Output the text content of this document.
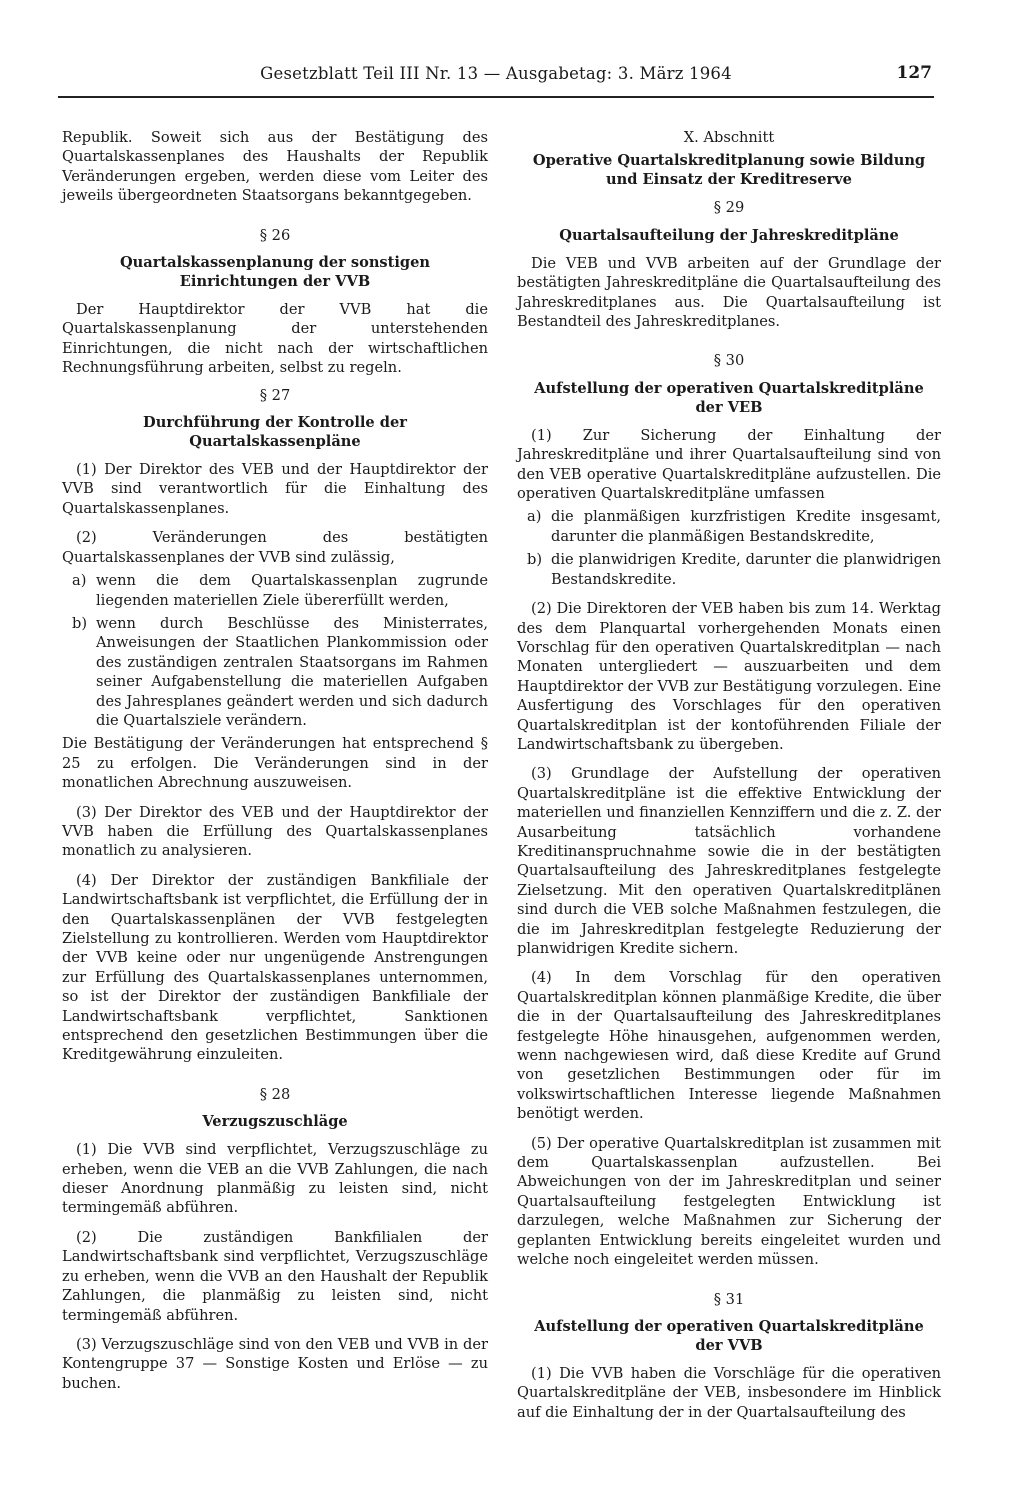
Gesetzblatt Teil III Nr. 13 — Ausgabetag: 3. März 1964	127

Republik. Soweit sich aus der Bestätigung des Quartalskassenplanes des Haushalts der Republik Veränderungen ergeben, werden diese vom Leiter des jeweils übergeordneten Staatsorgans bekanntgegeben.

§ 26
Quartalskassenplanung der sonstigen Einrichtungen der VVB

Der Hauptdirektor der VVB hat die Quartalskassenplanung der unterstehenden Einrichtungen, die nicht nach der wirtschaftlichen Rechnungsführung arbeiten, selbst zu regeln.

§ 27
Durchführung der Kontrolle der Quartalskassenpläne

(1) Der Direktor des VEB und der Hauptdirektor der VVB sind verantwortlich für die Einhaltung des Quartalskassenplanes.

(2) Veränderungen des bestätigten Quartalskassenplanes der VVB sind zulässig,

a) wenn die dem Quartalskassenplan zugrunde liegenden materiellen Ziele übererfüllt werden,
b) wenn durch Beschlüsse des Ministerrates, Anweisungen der Staatlichen Plankommission oder des zuständigen zentralen Staatsorgans im Rahmen seiner Aufgabenstellung die materiellen Aufgaben des Jahresplanes geändert werden und sich dadurch die Quartalsziele verändern.

Die Bestätigung der Veränderungen hat entsprechend § 25 zu erfolgen. Die Veränderungen sind in der monatlichen Abrechnung auszuweisen.

(3) Der Direktor des VEB und der Hauptdirektor der VVB haben die Erfüllung des Quartalskassenplanes monatlich zu analysieren.

(4) Der Direktor der zuständigen Bankfiliale der Landwirtschaftsbank ist verpflichtet, die Erfüllung der in den Quartalskassenplänen der VVB festgelegten Zielstellung zu kontrollieren. Werden vom Hauptdirektor der VVB keine oder nur ungenügende Anstrengungen zur Erfüllung des Quartalskassenplanes unternommen, so ist der Direktor der zuständigen Bankfiliale der Landwirtschaftsbank verpflichtet, Sanktionen entsprechend den gesetzlichen Bestimmungen über die Kreditgewährung einzuleiten.

§ 28
Verzugszuschläge

(1) Die VVB sind verpflichtet, Verzugszuschläge zu erheben, wenn die VEB an die VVB Zahlungen, die nach dieser Anordnung planmäßig zu leisten sind, nicht termingemäß abführen.

(2) Die zuständigen Bankfilialen der Landwirtschaftsbank sind verpflichtet, Verzugszuschläge zu erheben, wenn die VVB an den Haushalt der Republik Zahlungen, die planmäßig zu leisten sind, nicht termingemäß abführen.

(3) Verzugszuschläge sind von den VEB und VVB in der Kontengruppe 37 — Sonstige Kosten und Erlöse — zu buchen.

X. Abschnitt
Operative Quartalskreditplanung sowie Bildung und Einsatz der Kreditreserve
§ 29
Quartalsaufteilung der Jahreskreditpläne

Die VEB und VVB arbeiten auf der Grundlage der bestätigten Jahreskreditpläne die Quartalsaufteilung des Jahreskreditplanes aus. Die Quartalsaufteilung ist Bestandteil des Jahreskreditplanes.

§ 30
Aufstellung der operativen Quartalskreditpläne der VEB

(1) Zur Sicherung der Einhaltung der Jahreskreditpläne und ihrer Quartalsaufteilung sind von den VEB operative Quartalskreditpläne aufzustellen. Die operativen Quartalskreditpläne umfassen

a) die planmäßigen kurzfristigen Kredite insgesamt, darunter die planmäßigen Bestandskredite,
b) die planwidrigen Kredite, darunter die planwidrigen Bestandskredite.

(2) Die Direktoren der VEB haben bis zum 14. Werktag des dem Planquartal vorhergehenden Monats einen Vorschlag für den operativen Quartalskreditplan — nach Monaten untergliedert — auszuarbeiten und dem Hauptdirektor der VVB zur Bestätigung vorzulegen. Eine Ausfertigung des Vorschlages für den operativen Quartalskreditplan ist der kontoführenden Filiale der Landwirtschaftsbank zu übergeben.

(3) Grundlage der Aufstellung der operativen Quartalskreditpläne ist die effektive Entwicklung der materiellen und finanziellen Kennziffern und die z. Z. der Ausarbeitung tatsächlich vorhandene Kreditinanspruchnahme sowie die in der bestätigten Quartalsaufteilung des Jahreskreditplanes festgelegte Zielsetzung. Mit den operativen Quartalskreditplänen sind durch die VEB solche Maßnahmen festzulegen, die die im Jahreskreditplan festgelegte Reduzierung der planwidrigen Kredite sichern.

(4) In dem Vorschlag für den operativen Quartalskreditplan können planmäßige Kredite, die über die in der Quartalsaufteilung des Jahreskreditplanes festgelegte Höhe hinausgehen, aufgenommen werden, wenn nachgewiesen wird, daß diese Kredite auf Grund von gesetzlichen Bestimmungen oder für im volkswirtschaftlichen Interesse liegende Maßnahmen benötigt werden.

(5) Der operative Quartalskreditplan ist zusammen mit dem Quartalskassenplan aufzustellen. Bei Abweichungen von der im Jahreskreditplan und seiner Quartalsaufteilung festgelegten Entwicklung ist darzulegen, welche Maßnahmen zur Sicherung der geplanten Entwicklung bereits eingeleitet wurden und welche noch eingeleitet werden müssen.

§ 31
Aufstellung der operativen Quartalskreditpläne der VVB

(1) Die VVB haben die Vorschläge für die operativen Quartalskreditpläne der VEB, insbesondere im Hinblick auf die Einhaltung der in der Quartalsaufteilung des
